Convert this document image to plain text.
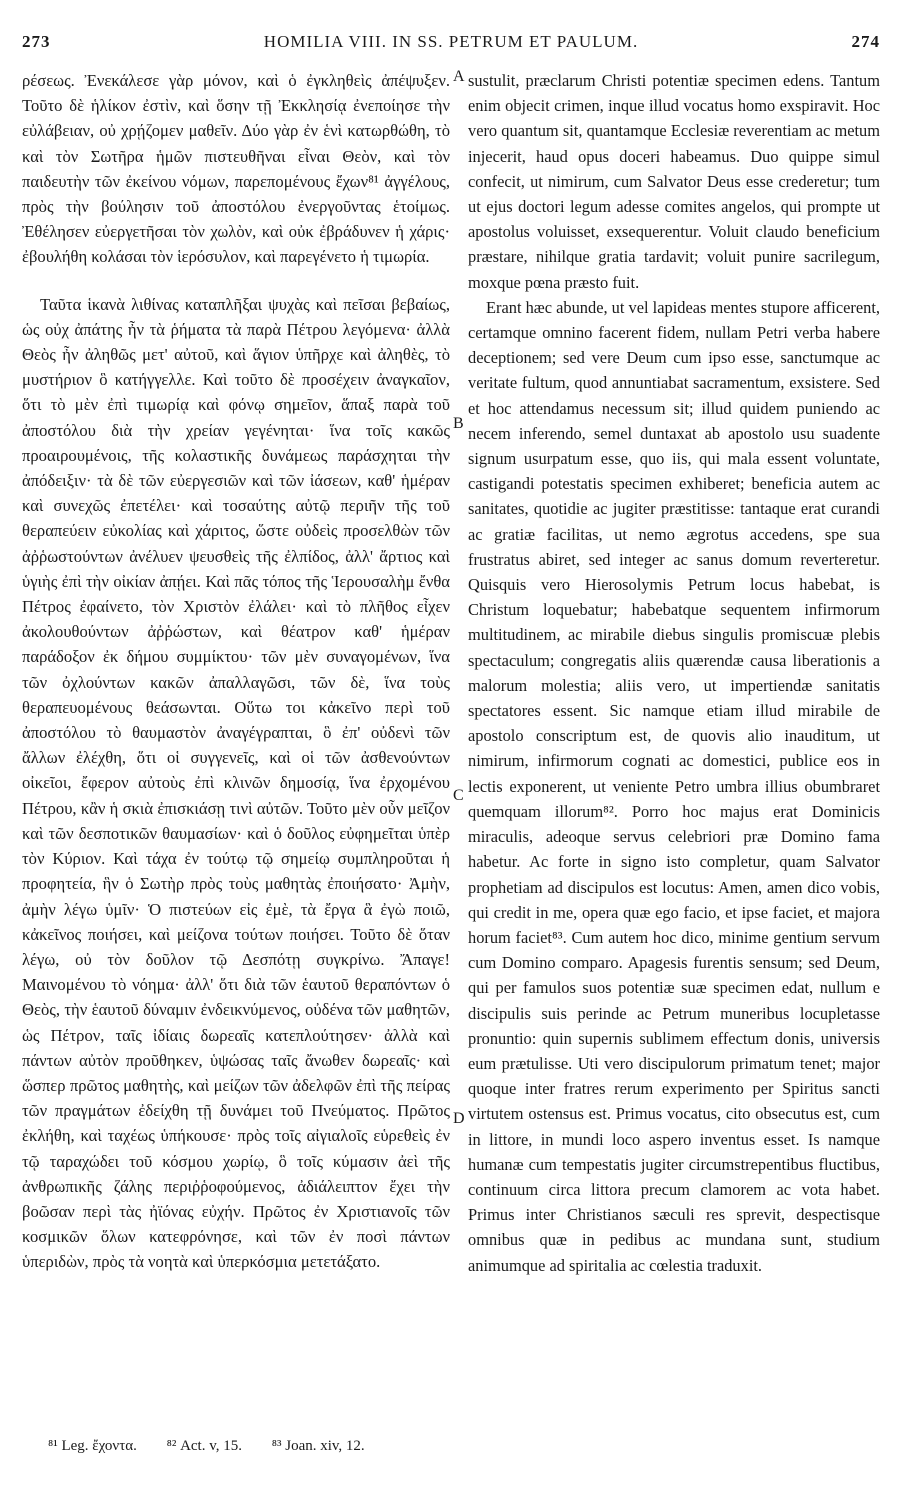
273	HOMILIA VIII. IN SS. PETRUM ET PAULUM.	274

ρέσεως. Ἐνεκάλεσε γὰρ μόνον, καὶ ὁ ἐγκληθεὶς ἀπέψυξεν. Τοῦτο δὲ ἡλίκον ἐστὶν, καὶ ὅσην τῇ Ἐκκλησίᾳ ἐνεποίησε τὴν εὐλάβειαν, οὐ χρῄζομεν μαθεῖν. Δύο γὰρ ἐν ἑνὶ κατωρθώθη, τὸ καὶ τὸν Σωτῆρα ἡμῶν πιστευθῆναι εἶναι Θεὸν, καὶ τὸν παιδευτὴν τῶν ἐκείνου νόμων, παρεπομένους ἔχων⁸¹ ἀγγέλους, πρὸς τὴν βούλησιν τοῦ ἀποστόλου ἐνεργοῦντας ἑτοίμως. Ἐθέλησεν εὐεργετῆσαι τὸν χωλὸν, καὶ οὐκ ἐβράδυνεν ἡ χάρις· ἐβουλήθη κολάσαι τὸν ἱερόσυλον, καὶ παρεγένετο ἡ τιμωρία.

Ταῦτα ἱκανὰ λιθίνας καταπλῆξαι ψυχὰς καὶ πεῖσαι βεβαίως, ὡς οὐχ ἀπάτης ἦν τὰ ῥήματα τὰ παρὰ Πέτρου λεγόμενα· ἀλλὰ Θεὸς ἦν ἀληθῶς μετ' αὐτοῦ, καὶ ἅγιον ὑπῆρχε καὶ ἀληθὲς, τὸ μυστήριον ὃ κατήγγελλε. Καὶ τοῦτο δὲ προσέχειν ἀναγκαῖον, ὅτι τὸ μὲν ἐπὶ τιμωρίᾳ καὶ φόνῳ σημεῖον, ἅπαξ παρὰ τοῦ ἀποστόλου διὰ τὴν χρείαν γεγένηται· ἵνα τοῖς κακῶς προαιρουμένοις, τῆς κολαστικῆς δυνάμεως παράσχηται τὴν ἀπόδειξιν· τὰ δὲ τῶν εὐεργεσιῶν καὶ τῶν ἰάσεων, καθ' ἡμέραν καὶ συνεχῶς ἐπετέλει· καὶ τοσαύτης αὐτῷ περιῆν τῆς τοῦ θεραπεύειν εὐκολίας καὶ χάριτος, ὥστε οὐδεὶς προσελθὼν τῶν ἀῤῥωστούντων ἀνέλυεν ψευσθεὶς τῆς ἐλπίδος, ἀλλ' ἄρτιος καὶ ὑγιὴς ἐπὶ τὴν οἰκίαν ἀπῄει. Καὶ πᾶς τόπος τῆς Ἱερουσαλὴμ ἔνθα Πέτρος ἐφαίνετο, τὸν Χριστὸν ἐλάλει· καὶ τὸ πλῆθος εἶχεν ἀκολουθούντων ἀῤῥώστων, καὶ θέατρον καθ' ἡμέραν παράδοξον ἐκ δήμου συμμίκτου· τῶν μὲν συναγομένων, ἵνα τῶν ὀχλούντων κακῶν ἀπαλλαγῶσι, τῶν δὲ, ἵνα τοὺς θεραπευομένους θεάσωνται. Οὕτω τοι κἀκεῖνο περὶ τοῦ ἀποστόλου τὸ θαυμαστὸν ἀναγέγραπται, ὃ ἐπ' οὐδενὶ τῶν ἄλλων ἐλέχθη, ὅτι οἱ συγγενεῖς, καὶ οἱ τῶν ἀσθενούντων οἰκεῖοι, ἔφερον αὐτοὺς ἐπὶ κλινῶν δημοσίᾳ, ἵνα ἐρχομένου Πέτρου, κἂν ἡ σκιὰ ἐπισκιάσῃ τινὶ αὐτῶν. Τοῦτο μὲν οὖν μεῖζον καὶ τῶν δεσποτικῶν θαυμασίων· καὶ ὁ δοῦλος εὐφημεῖται ὑπὲρ τὸν Κύριον. Καὶ τάχα ἐν τούτῳ τῷ σημείῳ συμπληροῦται ἡ προφητεία, ἣν ὁ Σωτὴρ πρὸς τοὺς μαθητὰς ἐποιήσατο· Ἀμὴν, ἀμὴν λέγω ὑμῖν· Ὁ πιστεύων εἰς ἐμὲ, τὰ ἔργα ἃ ἐγὼ ποιῶ, κἀκεῖνος ποιήσει, καὶ μείζονα τούτων ποιήσει. Τοῦτο δὲ ὅταν λέγω, οὐ τὸν δοῦλον τῷ Δεσπότῃ συγκρίνω. Ἄπαγε! Μαινομένου τὸ νόημα· ἀλλ' ὅτι διὰ τῶν ἑαυτοῦ θεραπόντων ὁ Θεὸς, τὴν ἑαυτοῦ δύναμιν ἐνδεικνύμενος, οὐδένα τῶν μαθητῶν, ὡς Πέτρον, ταῖς ἰδίαις δωρεαῖς κατεπλούτησεν· ἀλλὰ καὶ πάντων αὐτὸν προῦθηκεν, ὑψώσας ταῖς ἄνωθεν δωρεαῖς· καὶ ὥσπερ πρῶτος μαθητὴς, καὶ μείζων τῶν ἀδελφῶν ἐπὶ τῆς πείρας τῶν πραγμάτων ἐδείχθη τῇ δυνάμει τοῦ Πνεύματος. Πρῶτος ἐκλήθη, καὶ ταχέως ὑπήκουσε· πρὸς τοῖς αἰγιαλοῖς εὑρεθεὶς ἐν τῷ ταραχώδει τοῦ κόσμου χωρίῳ, ὃ τοῖς κύμασιν ἀεὶ τῆς ἀνθρωπικῆς ζάλης περιῤῥοφούμενος, ἀδιάλειπτον ἔχει τὴν βοῶσαν περὶ τὰς ἠϊόνας εὐχήν. Πρῶτος ἐν Χριστιανοῖς τῶν κοσμικῶν ὅλων κατεφρόνησε, καὶ τῶν ἐν ποσὶ πάντων ὑπεριδὼν, πρὸς τὰ νοητὰ καὶ ὑπερκόσμια μετετάξατο.

A
B
C
D

sustulit, præclarum Christi potentiæ specimen edens. Tantum enim objecit crimen, inque illud vocatus homo exspiravit. Hoc vero quantum sit, quantamque Ecclesiæ reverentiam ac metum injecerit, haud opus doceri habeamus. Duo quippe simul confecit, ut nimirum, cum Salvator Deus esse crederetur; tum ut ejus doctori legum adesse comites angelos, qui prompte ut apostolus voluisset, exsequerentur. Voluit claudo beneficium præstare, nihilque gratia tardavit; voluit punire sacrilegum, moxque pœna præsto fuit.

Erant hæc abunde, ut vel lapideas mentes stupore afficerent, certamque omnino facerent fidem, nullam Petri verba habere deceptionem; sed vere Deum cum ipso esse, sanctumque ac veritate fultum, quod annuntiabat sacramentum, exsistere. Sed et hoc attendamus necessum sit; illud quidem puniendo ac necem inferendo, semel duntaxat ab apostolo usu suadente signum usurpatum esse, quo iis, qui mala essent voluntate, castigandi potestatis specimen exhiberet; beneficia autem ac sanitates, quotidie ac jugiter præstitisse: tantaque erat curandi ac gratiæ facilitas, ut nemo ægrotus accedens, spe sua frustratus abiret, sed integer ac sanus domum reverteretur. Quisquis vero Hierosolymis Petrum locus habebat, is Christum loquebatur; habebatque sequentem infirmorum multitudinem, ac mirabile diebus singulis promiscuæ plebis spectaculum; congregatis aliis quærendæ causa liberationis a malorum molestia; aliis vero, ut impertiendæ sanitatis spectatores essent. Sic namque etiam illud mirabile de apostolo conscriptum est, de quovis alio inauditum, ut nimirum, infirmorum cognati ac domestici, publice eos in lectis exponerent, ut veniente Petro umbra illius obumbraret quemquam illorum⁸². Porro hoc majus erat Dominicis miraculis, adeoque servus celebriori præ Domino fama habetur. Ac forte in signo isto completur, quam Salvator prophetiam ad discipulos est locutus: Amen, amen dico vobis, qui credit in me, opera quæ ego facio, et ipse faciet, et majora horum faciet⁸³. Cum autem hoc dico, minime gentium servum cum Domino comparo. Apagesis furentis sensum; sed Deum, qui per famulos suos potentiæ suæ specimen edat, nullum e discipulis suis perinde ac Petrum muneribus locupletasse pronuntio: quin supernis sublimem effectum donis, universis eum prætulisse. Uti vero discipulorum primatum tenet; major quoque inter fratres rerum experimento per Spiritus sancti virtutem ostensus est. Primus vocatus, cito obsecutus est, cum in littore, in mundi loco aspero inventus esset. Is namque humanæ cum tempestatis jugiter circumstrepentibus fluctibus, continuum circa littora precum clamorem ac vota habet. Primus inter Christianos sæculi res sprevit, despectisque omnibus quæ in pedibus ac mundana sunt, studium animumque ad spiritalia ac cœlestia traduxit.

⁸¹ Leg. ἔχοντα. ⁸² Act. v, 15. ⁸³ Joan. xiv, 12.
